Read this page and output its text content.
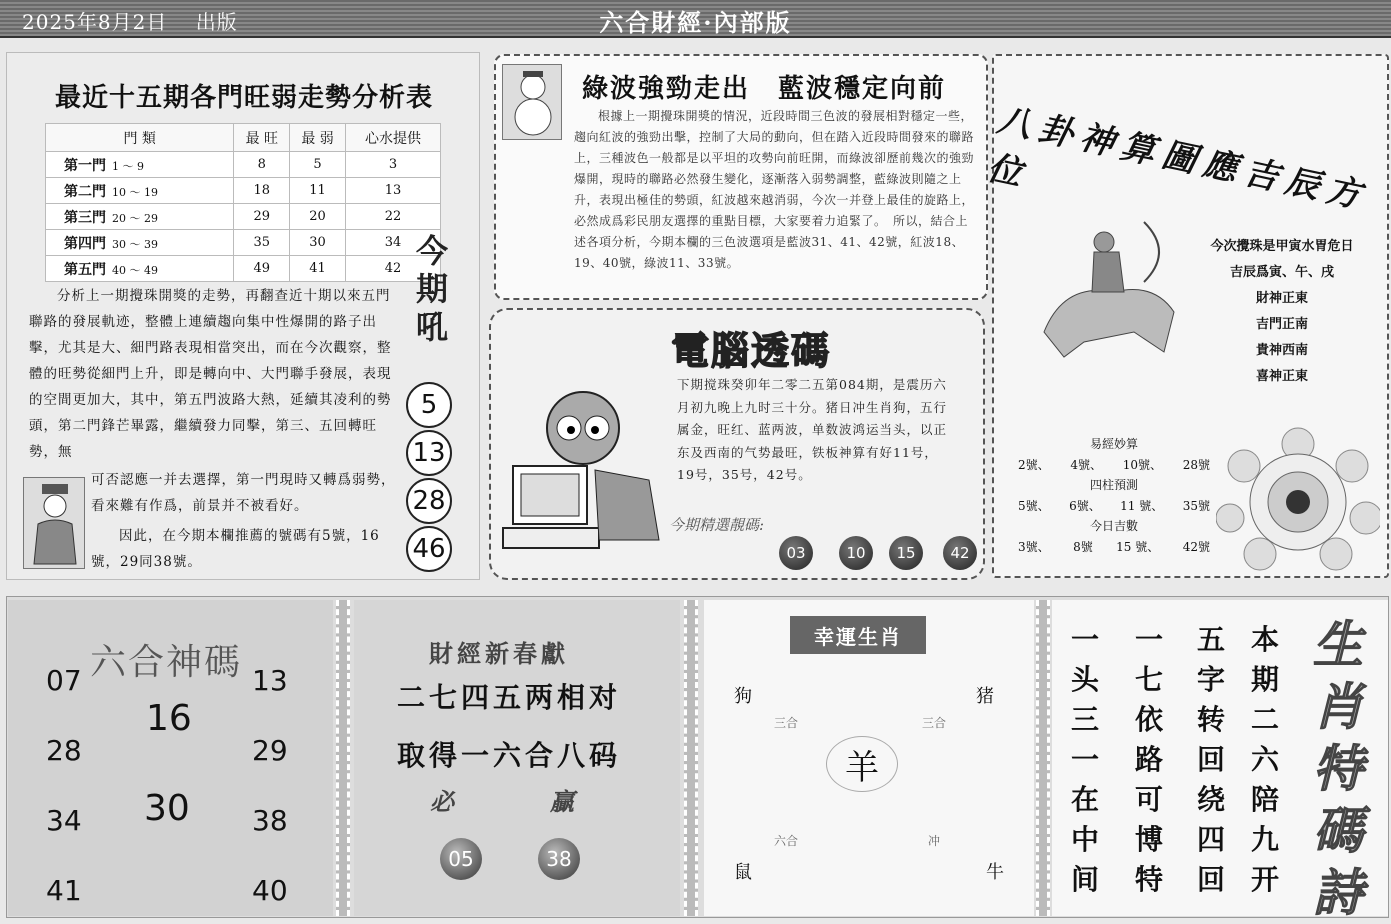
2025年8月2日　 出版	六合財經·內部版
最近十五期各門旺弱走勢分析表
門 類	最 旺	最 弱	心水提供
第一門 1 ～ 9	8	5	3
第二門 10 ～ 19	18	11	13
第三門 20 ～ 29	29	20	22
第四門 30 ～ 39	35	30	34
第五門 40 ～ 49	49	41	42
分析上一期攪珠開獎的走勢，再翻查近十期以來五門聯路的發展軌迹，整體上連續趨向集中性爆開的路子出擊，尤其是大、細門路表現相當突出，而在今次觀察，整體的旺勢從細門上升，即是轉向中、大門聯手發展，表現的空間更加大，其中，第五門波路大熱，延續其凌利的勢頭，第二門鋒芒畢露，繼續發力同擊，第三、五回轉旺勢，無
可否認應一并去選擇，第一門現時又轉爲弱勢，看來難有作爲，前景并不被看好。
因此，在今期本欄推薦的號碼有5號，16號，29同38號。
今
期
吼
5
13
28
46
綠波強勁走出　藍波穩定向前
根據上一期攪珠開獎的情況，近段時間三色波的發展相對穩定一些，趨向紅波的強勁出擊，控制了大局的動向，但在踏入近段時間發來的聯路上，三種波色一般都是以平坦的攻勢向前旺開，而綠波卻歷前幾次的強勁爆開，現時的聯路必然發生變化，逐漸落入弱勢調整，藍綠波則隨之上升，表現出極佳的勢頭，紅波越來越消弱，今次一并登上最佳的旋路上，必然成爲彩民朋友選擇的重點目標，大家要着力追緊了。　所以，結合上述各項分析，今期本欄的三色波選項是藍波31、41、42號，紅波18、19、40號，綠波11、33號。
電腦透碼
下期搅珠癸卯年二零二五第084期，是震历六月初九晚上九时三十分。猪日冲生肖狗，五行属金，旺红、蓝两波，单数波鸿运当头，以正东及西南的气势最旺，铁板神算有好11号，19号，35号，42号。
今期精選靚碼:
03	10	15	42
八卦神算圖應吉辰方位
今次攪珠是甲寅水胃危日
吉辰爲寅、午、戌
財神正東
吉門正南
貴神西南
喜神正東
易經妙算
2號、 4號、 10號、 28號
四柱預測
5號、 6號、 11 號、 35號
今日吉數
3號、 8號 15 號、 42號
六合神碼
07
28
34
41
16
30
13
29
38
40
財經新春獻
二七四五两相对
取得一六合八码
必	贏
05	38
幸運生肖
狗	猪
三合	三合
羊
六合	冲
鼠	牛
本
期
二
六
陪
九
开
五
字
转
回
绕
四
回
一
七
依
路
可
博
特
一
头
三
一
在
中
间
生
肖
特
碼
詩
